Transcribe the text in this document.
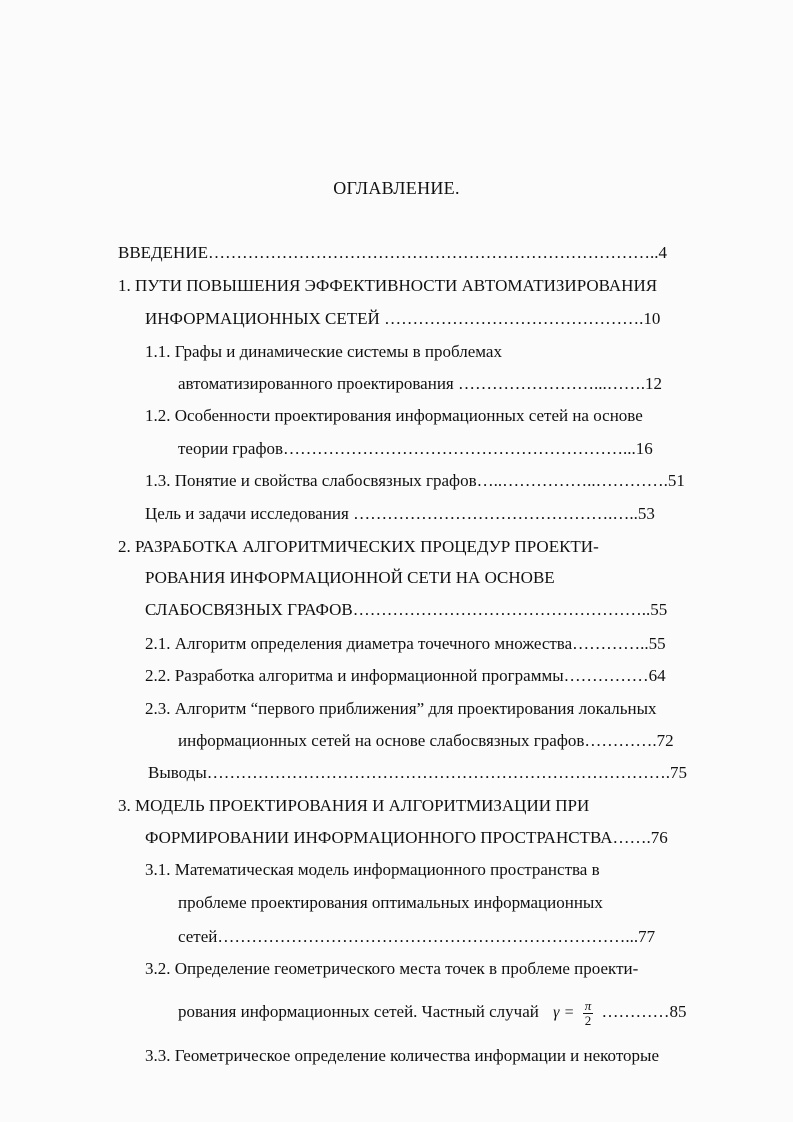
ОГЛАВЛЕНИЕ.
ВВЕДЕНИЕ……………………………………………………………………..4
1. ПУТИ ПОВЫШЕНИЯ ЭФФЕКТИВНОСТИ АВТОМАТИЗИРОВАНИЯ
ИНФОРМАЦИОННЫХ СЕТЕЙ ……………………………………….10
1.1. Графы и динамические системы в проблемах
автоматизированного проектирования ……………………...…….12
1.2. Особенности проектирования информационных сетей на основе
теории графов……………………………………………………...16
1.3. Понятие и свойства слабосвязных графов…..……………..………….51
Цель и задачи исследования ……………………………………….…..53
2. РАЗРАБОТКА АЛГОРИТМИЧЕСКИХ ПРОЦЕДУР ПРОЕКТИ-
РОВАНИЯ ИНФОРМАЦИОННОЙ СЕТИ НА ОСНОВЕ
СЛАБОСВЯЗНЫХ ГРАФОВ……………………………………………..55
2.1. Алгоритм определения диаметра точечного множества…………..55
2.2. Разработка алгоритма и информационной программы……………64
2.3. Алгоритм “первого приближения” для проектирования локальных
информационных сетей на основе слабосвязных графов………….72
Выводы……………………………………………………………………….75
3. МОДЕЛЬ ПРОЕКТИРОВАНИЯ И АЛГОРИТМИЗАЦИИ ПРИ
ФОРМИРОВАНИИ ИНФОРМАЦИОННОГО ПРОСТРАНСТВА…….76
3.1. Математическая модель информационного пространства в
проблеме проектирования оптимальных информационных
сетей………………………………………………………………...77
3.2. Определение геометрического места точек в проблеме проекти-
рования информационных сетей. Частный случай $\gamma = \frac{\pi}{2}$ …………85
3.3. Геометрическое определение количества информации и некоторые
